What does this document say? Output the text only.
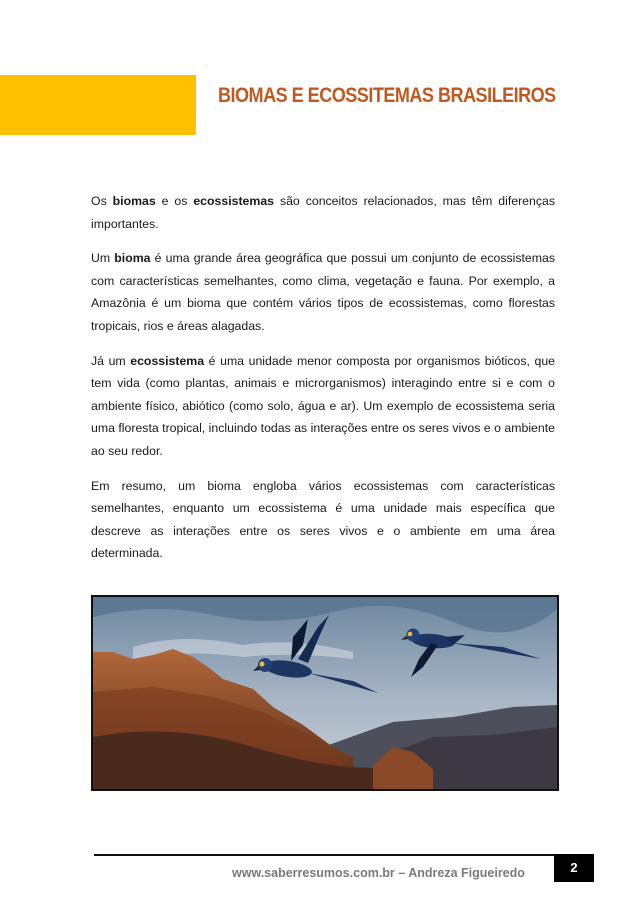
BIOMAS E ECOSSITEMAS BRASILEIROS

Os biomas e os ecossistemas são conceitos relacionados, mas têm diferenças importantes.

Um bioma é uma grande área geográfica que possui um conjunto de ecossistemas com características semelhantes, como clima, vegetação e fauna. Por exemplo, a Amazônia é um bioma que contém vários tipos de ecossistemas, como florestas tropicais, rios e áreas alagadas.

Já um ecossistema é uma unidade menor composta por organismos bióticos, que tem vida (como plantas, animais e microrganismos) interagindo entre si e com o ambiente físico, abiótico (como solo, água e ar). Um exemplo de ecossistema seria uma floresta tropical, incluindo todas as interações entre os seres vivos e o ambiente ao seu redor.

Em resumo, um bioma engloba vários ecossistemas com características semelhantes, enquanto um ecossistema é uma unidade mais específica que descreve as interações entre os seres vivos e o ambiente em uma área determinada.

www.saberresumos.com.br – Andreza Figueiredo	2
